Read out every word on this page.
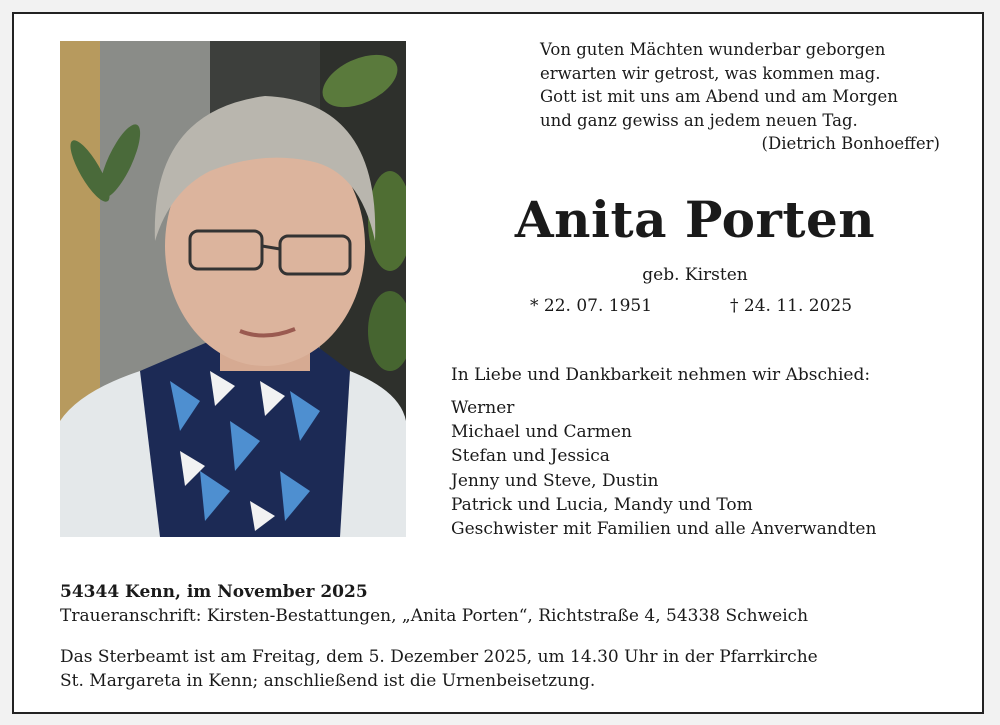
Von guten Mächten wunderbar geborgen
erwarten wir getrost, was kommen mag.
Gott ist mit uns am Abend und am Morgen
und ganz gewiss an jedem neuen Tag.
(Dietrich Bonhoeffer)
Anita Porten
geb. Kirsten
* 22. 07. 1951	† 24. 11. 2025
In Liebe und Dankbarkeit nehmen wir Abschied:
Werner
Michael und Carmen
Stefan und Jessica
Jenny und Steve, Dustin
Patrick und Lucia, Mandy und Tom
Geschwister mit Familien und alle Anverwandten
54344 Kenn, im November 2025
Traueranschrift: Kirsten-Bestattungen, „Anita Porten“, Richtstraße 4, 54338 Schweich
Das Sterbeamt ist am Freitag, dem 5. Dezember 2025, um 14.30 Uhr in der Pfarrkirche
St. Margareta in Kenn; anschließend ist die Urnenbeisetzung.
